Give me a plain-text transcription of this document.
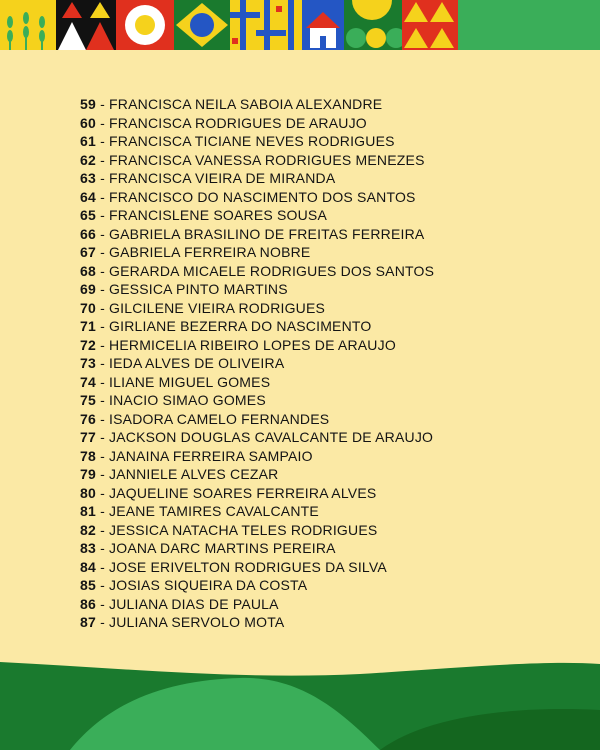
59 - FRANCISCA NEILA SABOIA ALEXANDRE
60 - FRANCISCA RODRIGUES DE ARAUJO
61 - FRANCISCA TICIANE NEVES RODRIGUES
62 - FRANCISCA VANESSA RODRIGUES MENEZES
63 - FRANCISCA VIEIRA DE MIRANDA
64 - FRANCISCO DO NASCIMENTO DOS SANTOS
65 - FRANCISLENE SOARES SOUSA
66 - GABRIELA BRASILINO DE FREITAS FERREIRA
67 - GABRIELA FERREIRA NOBRE
68 - GERARDA MICAELE RODRIGUES DOS SANTOS
69 - GESSICA PINTO MARTINS
70 - GILCILENE VIEIRA RODRIGUES
71 - GIRLIANE BEZERRA DO NASCIMENTO
72 - HERMICELIA RIBEIRO LOPES DE ARAUJO
73 - IEDA ALVES DE OLIVEIRA
74 - ILIANE MIGUEL GOMES
75 - INACIO SIMAO GOMES
76 - ISADORA CAMELO FERNANDES
77 - JACKSON DOUGLAS CAVALCANTE DE ARAUJO
78 - JANAINA FERREIRA SAMPAIO
79 - JANNIELE ALVES CEZAR
80 - JAQUELINE SOARES FERREIRA ALVES
81 - JEANE TAMIRES CAVALCANTE
82 - JESSICA NATACHA TELES RODRIGUES
83 - JOANA DARC MARTINS PEREIRA
84 - JOSE ERIVELTON RODRIGUES DA SILVA
85 - JOSIAS SIQUEIRA DA COSTA
86 - JULIANA DIAS DE PAULA
87 - JULIANA SERVOLO MOTA
